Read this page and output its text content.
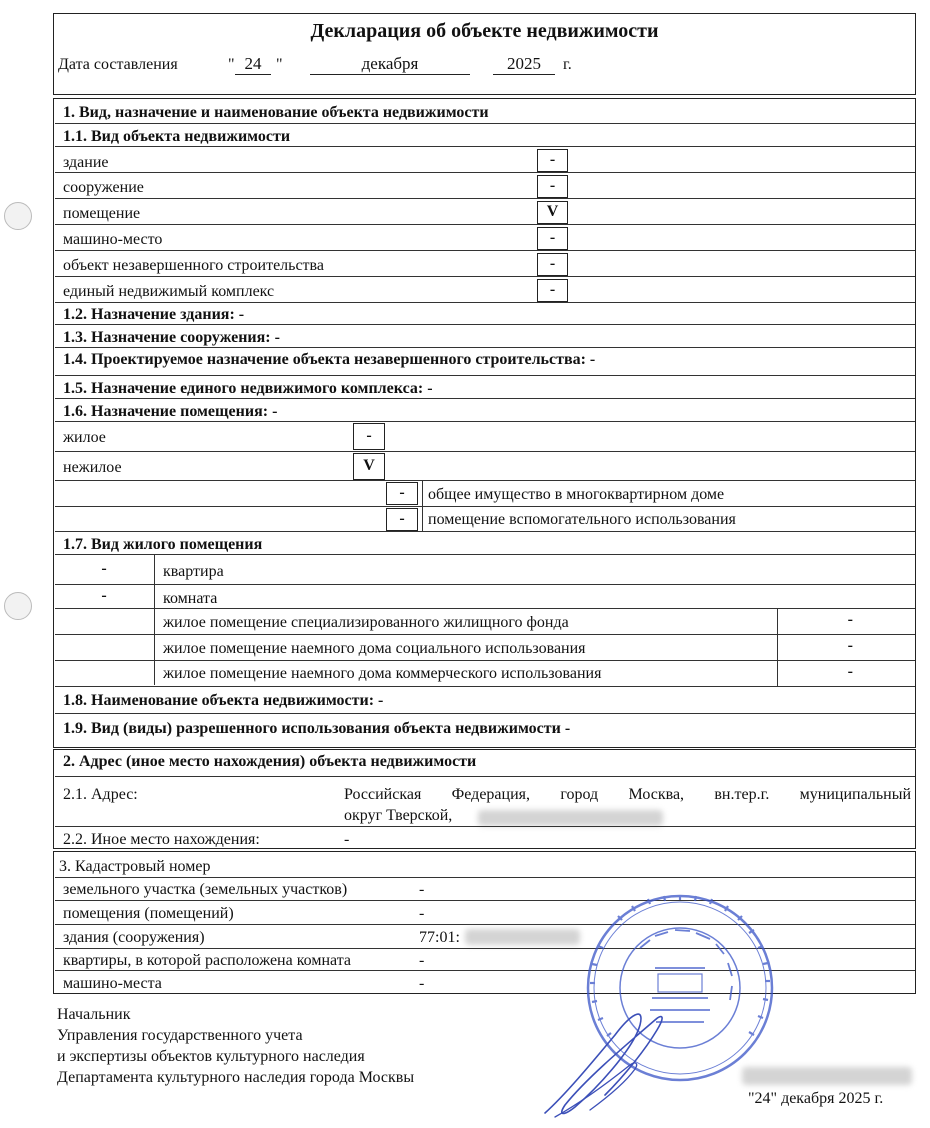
Декларация об объекте недвижимости
Дата составления	" 24 "	декабря	2025	г.
1. Вид, назначение и наименование объекта недвижимости
1.1. Вид объекта недвижимости
здание	-
сооружение	-
помещение	V
машино-место	-
объект незавершенного строительства	-
единый недвижимый комплекс	-
1.2. Назначение здания: -
1.3. Назначение сооружения: -
1.4. Проектируемое назначение объекта незавершенного строительства: -
1.5. Назначение единого недвижимого комплекса: -
1.6. Назначение помещения: -
жилое	-
нежилое	V
-	общее имущество в многоквартирном доме
-	помещение вспомогательного использования
1.7. Вид жилого помещения
-	квартира
-	комната
жилое помещение специализированного жилищного фонда	-
жилое помещение наемного дома социального использования	-
жилое помещение наемного дома коммерческого использования	-
1.8. Наименование объекта недвижимости: -
1.9. Вид (виды) разрешенного использования объекта недвижимости -
2. Адрес (иное место нахождения) объекта недвижимости
2.1. Адрес:	Российская Федерация, город Москва, вн.тер.г. муниципальный
округ Тверской,
2.2. Иное место нахождения:	-
3. Кадастровый номер
земельного участка (земельных участков)	-
помещения (помещений)	-
здания (сооружения)	77:01:
квартиры, в которой расположена комната	-
машино-места	-
Начальник
Управления государственного учета
и экспертизы объектов культурного наследия
Департамента культурного наследия города Москвы
"24" декабря 2025 г.
